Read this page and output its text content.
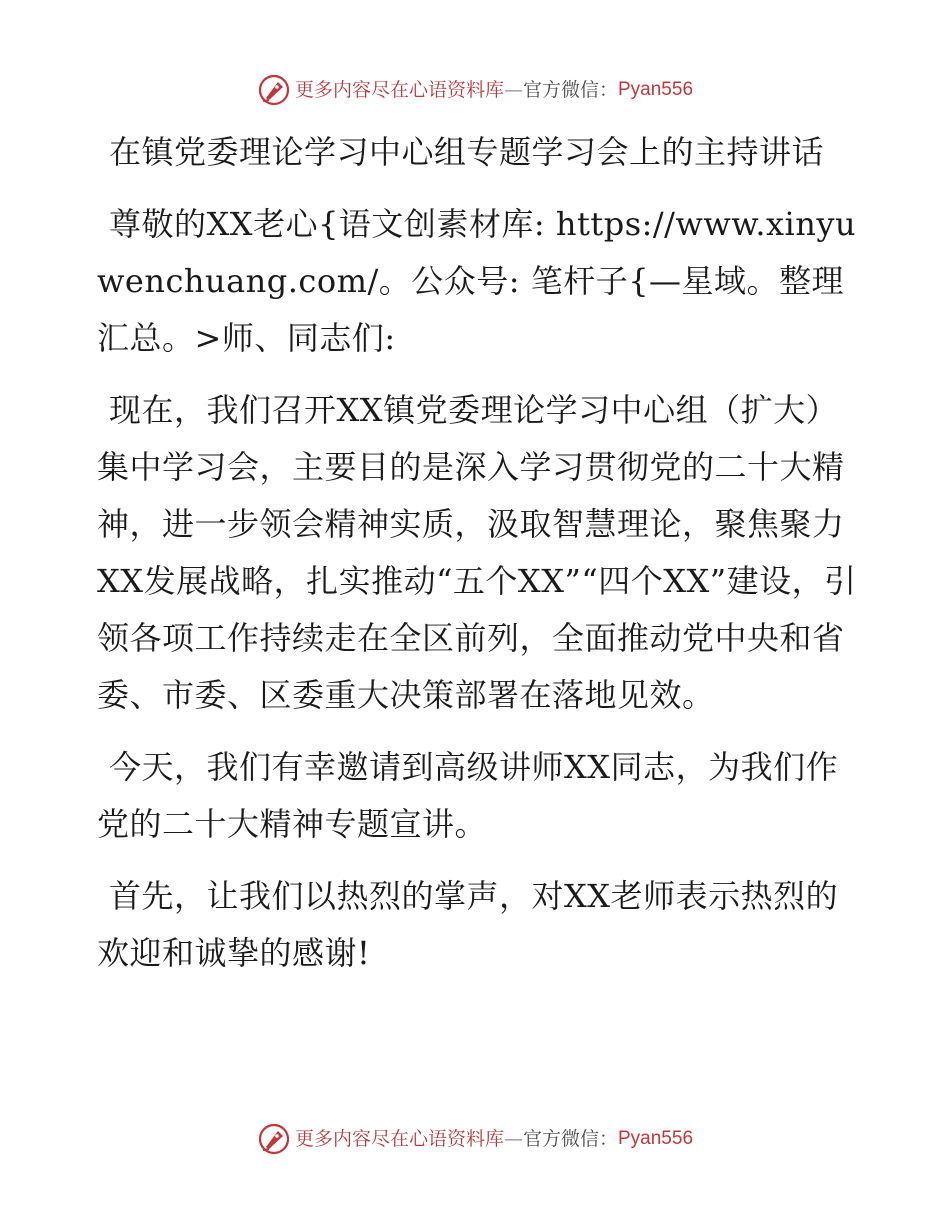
更多内容尽在心语资料库 — 官方微信： Pyan556

在镇党委理论学习中心组专题学习会上的主持讲话

尊敬的XX老心{语文创素材库: https://www.xinyuwenchuang.com/。公众号: 笔杆子{—星域。整理汇总。>师、同志们:

现在，我们召开XX镇党委理论学习中心组（扩大）集中学习会，主要目的是深入学习贯彻党的二十大精神，进一步领会精神实质，汲取智慧理论，聚焦聚力XX发展战略，扎实推动“五个XX”“四个XX”建设，引领各项工作持续走在全区前列，全面推动党中央和省委、市委、区委重大决策部署在落地见效。

今天，我们有幸邀请到高级讲师XX同志，为我们作党的二十大精神专题宣讲。

首先，让我们以热烈的掌声，对XX老师表示热烈的欢迎和诚挚的感谢!

更多内容尽在心语资料库 — 官方微信： Pyan556
